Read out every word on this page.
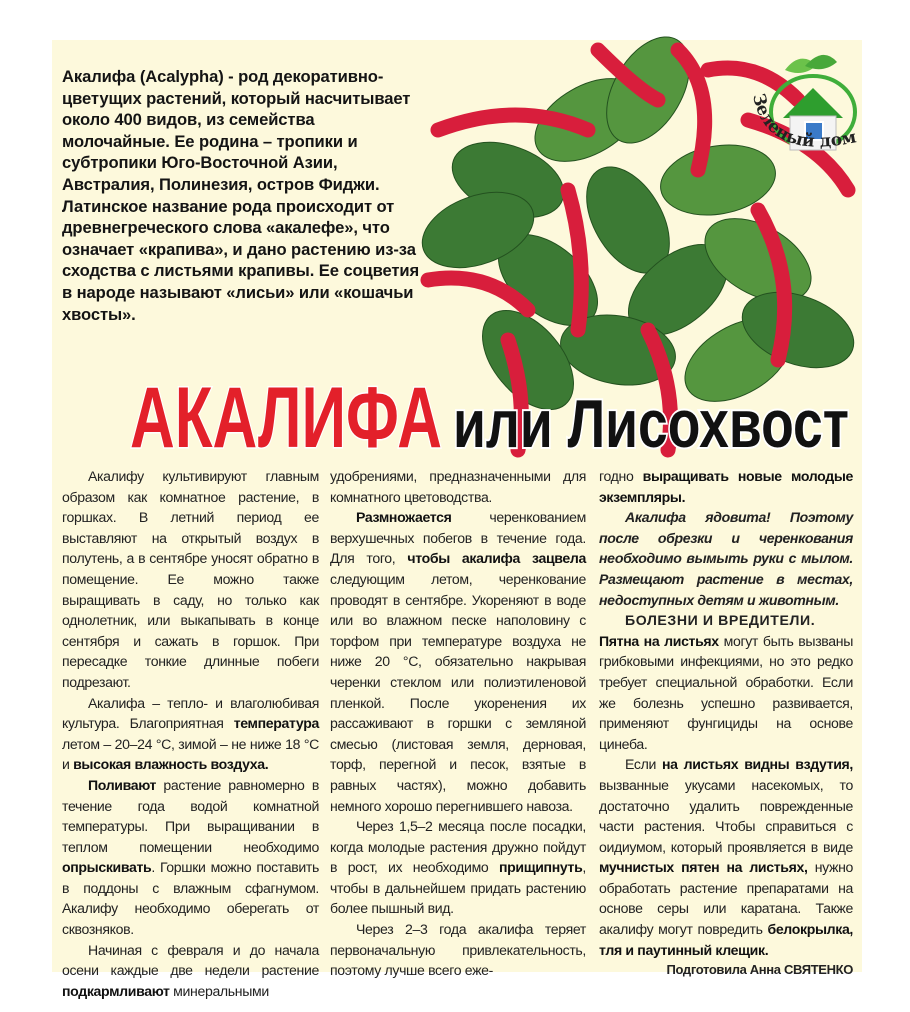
Зеленый дом
Акалифа (Acalypha) - род декоративно-цветущих растений, который насчитывает около 400 видов, из семейства молочайные. Ее родина – тропики и субтропики Юго-Восточной Азии, Австралия, Полинезия, остров Фиджи. Латинское название рода происходит от древнегреческого слова «акалефе», что означает «крапива», и дано растению из-за сходства с листьями крапивы. Ее соцветия в народе называют «лисьи» или «кошачьи хвосты».
АКАЛИФА или Лисохвост

Акалифу культивируют главным образом как комнатное растение, в горшках. В летний период ее выставляют на открытый воздух в полутень, а в сентябре уносят обратно в помещение. Ее можно также выращивать в саду, но только как однолетник, или выкапывать в конце сентября и сажать в горшок. При пересадке тонкие длинные побеги подрезают.

Акалифа – тепло- и влаголюбивая культура. Благоприятная температура летом – 20–24 °С, зимой – не ниже 18 °С и высокая влажность воздуха.

Поливают растение равномерно в течение года водой комнатной температуры. При выращивании в теплом помещении необходимо опрыскивать. Горшки можно поставить в поддоны с влажным сфагнумом. Акалифу необходимо оберегать от сквозняков.

Начиная с февраля и до начала осени каждые две недели растение подкармливают минеральными

удобрениями, предназначенными для комнатного цветоводства.

Размножается черенкованием верхушечных побегов в течение года. Для того, чтобы акалифа зацвела следующим летом, черенкование проводят в сентябре. Укореняют в воде или во влажном песке наполовину с торфом при температуре воздуха не ниже 20 °С, обязательно накрывая черенки стеклом или полиэтиленовой пленкой. После укоренения их рассаживают в горшки с земляной смесью (листовая земля, дерновая, торф, перегной и песок, взятые в равных частях), можно добавить немного хорошо перегнившего навоза.

Через 1,5–2 месяца после посадки, когда молодые растения дружно пойдут в рост, их необходимо прищипнуть, чтобы в дальнейшем придать растению более пышный вид.

Через 2–3 года акалифа теряет первоначальную привлекательность, поэтому лучше всего еже-

годно выращивать новые молодые экземпляры.

Акалифа ядовита! Поэтому после обрезки и черенкования необходимо вымыть руки с мылом. Размещают растение в местах, недоступных детям и животным.

БОЛЕЗНИ И ВРЕДИТЕЛИ.

Пятна на листьях могут быть вызваны грибковыми инфекциями, но это редко требует специальной обработки. Если же болезнь успешно развивается, применяют фунгициды на основе цинеба.

Если на листьях видны вздутия, вызванные укусами насекомых, то достаточно удалить поврежденные части растения. Чтобы справиться с оидиумом, который проявляется в виде мучнистых пятен на листьях, нужно обработать растение препаратами на основе серы или каратана. Также акалифу могут повредить белокрылка, тля и паутинный клещик.

Подготовила Анна СВЯТЕНКО
